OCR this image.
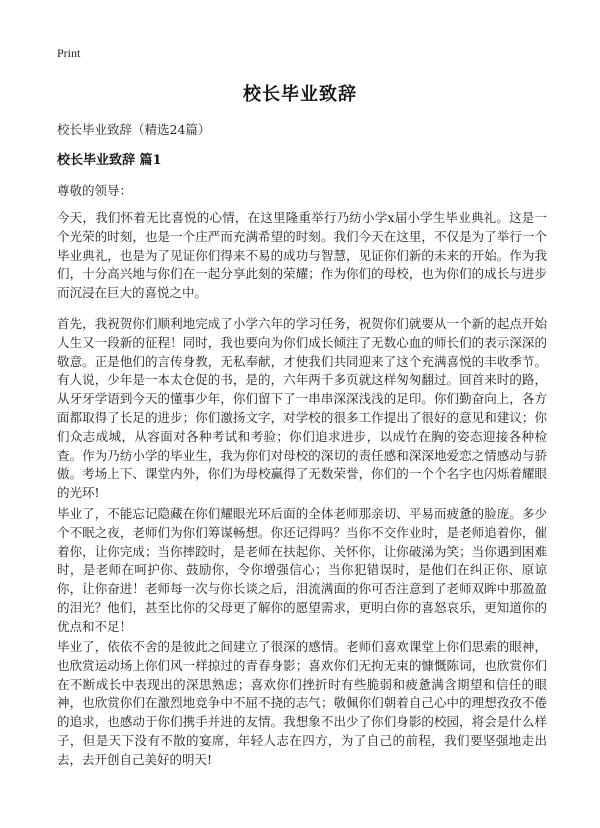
Print
校长毕业致辞
校长毕业致辞（精选24篇）
校长毕业致辞 篇1
尊敬的领导：

今天，我们怀着无比喜悦的心情，在这里隆重举行乃纺小学x届小学生毕业典礼。这是一个光荣的时刻，也是一个庄严而充满希望的时刻。我们今天在这里，不仅是为了举行一个毕业典礼，也是为了见证你们得来不易的成功与智慧，见证你们新的未来的开始。作为我们，十分高兴地与你们在一起分享此刻的荣耀；作为你们的母校，也为你们的成长与进步而沉浸在巨大的喜悦之中。

首先，我祝贺你们顺利地完成了小学六年的学习任务，祝贺你们就要从一个新的起点开始人生又一段新的征程！同时，我也要向为你们成长倾注了无数心血的师长们的表示深深的敬意。正是他们的言传身教，无私奉献，才使我们共同迎来了这个充满喜悦的丰收季节。有人说，少年是一本太仓促的书，是的，六年两千多页就这样匆匆翻过。回首来时的路，从牙牙学语到今天的懂事少年，你们留下了一串串深深浅浅的足印。你们勤奋向上，各方面都取得了长足的进步；你们激扬文字，对学校的很多工作提出了很好的意见和建议；你们众志成城，从容面对各种考试和考验；你们追求进步，以成竹在胸的姿态迎接各种检查。作为乃纺小学的毕业生，我为你们对母校的深切的责任感和深深地爱恋之情感动与骄傲。考场上下、课堂内外，你们为母校赢得了无数荣誉，你们的一个个名字也闪烁着耀眼的光环!

毕业了，不能忘记隐藏在你们耀眼光环后面的全体老师那亲切、平易而疲惫的脸庞。多少个不眠之夜，老师们为你们筹谋畅想。你还记得吗？当你不交作业时，是老师追着你，催着你，让你完成；当你摔跤时，是老师在扶起你、关怀你，让你破涕为笑；当你遇到困难时，是老师在呵护你、鼓励你，令你增强信心；当你犯错误时，是他们在纠正你、原谅你，让你奋进！老师每一次与你长谈之后，泪流满面的你可否注意到了老师双眸中那盈盈的泪光？他们，甚至比你的父母更了解你的愿望需求，更明白你的喜怒哀乐，更知道你的优点和不足！

毕业了，依依不舍的是彼此之间建立了很深的感情。老师们喜欢课堂上你们思索的眼神，也欣赏运动场上你们风一样掠过的青春身影；喜欢你们无拘无束的慷慨陈词，也欣赏你们在不断成长中表现出的深思熟虑；喜欢你们挫折时有些脆弱和疲惫满含期望和信任的眼神，也欣赏你们在激烈地竞争中不屈不挠的志气；敬佩你们朝着自己心中的理想孜孜不倦的追求，也感动于你们携手并进的友情。我想象不出少了你们身影的校园，将会是什么样子，但是天下没有不散的宴席，年轻人志在四方，为了自己的前程，我们要坚强地走出去，去开创自己美好的明天!
